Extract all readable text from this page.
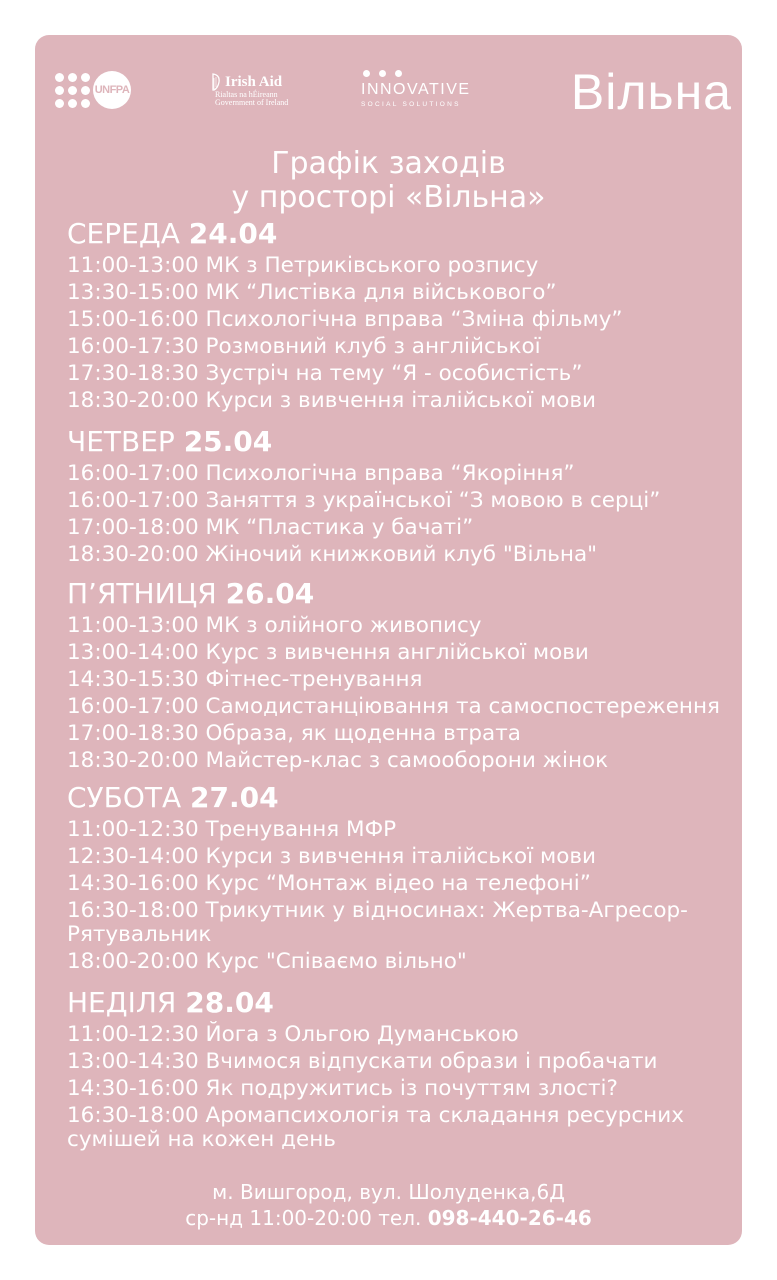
UNFPA	Irish Aid
Rialtas na hÉireann
Government of Ireland
INNOVATIVE
SOCIAL SOLUTIONS Вільна
Графік заходів
у просторі «Вільна»
СЕРЕДА 24.04
11:00-13:00 МК з Петриківського розпису
13:30-15:00 МК “Листівка для військового”
15:00-16:00 Психологічна вправа “Зміна фільму”
16:00-17:30 Розмовний клуб з англійської
17:30-18:30 Зустріч на тему “Я - особистість”
18:30-20:00 Курси з вивчення італійської мови
ЧЕТВЕР 25.04
16:00-17:00 Психологічна вправа “Якоріння”
16:00-17:00 Заняття з української “З мовою в серці”
17:00-18:00 МК “Пластика у бачаті”
18:30-20:00 Жіночий книжковий клуб "Вільна"
П’ЯТНИЦЯ 26.04
11:00-13:00 МК з олійного живопису
13:00-14:00 Курс з вивчення англійської мови
14:30-15:30 Фітнес-тренування
16:00-17:00 Самодистанціювання та самоспостереження
17:00-18:30 Образа, як щоденна втрата
18:30-20:00 Майстер-клас з самооборони жінок
СУБОТА 27.04
11:00-12:30 Тренування МФР
12:30-14:00 Курси з вивчення італійської мови
14:30-16:00 Курс “Монтаж відео на телефоні”
16:30-18:00 Трикутник у відносинах: Жертва-Агресор-Рятувальник
18:00-20:00 Курс "Співаємо вільно"
НЕДІЛЯ 28.04
11:00-12:30 Йога з Ольгою Думанською
13:00-14:30 Вчимося відпускати образи і пробачати
14:30-16:00 Як подружитись із почуттям злості?
16:30-18:00 Аромапсихологія та складання ресурсних сумішей на кожен день
м. Вишгород, вул. Шолуденка,6Д
ср-нд 11:00-20:00 тел. 098-440-26-46
